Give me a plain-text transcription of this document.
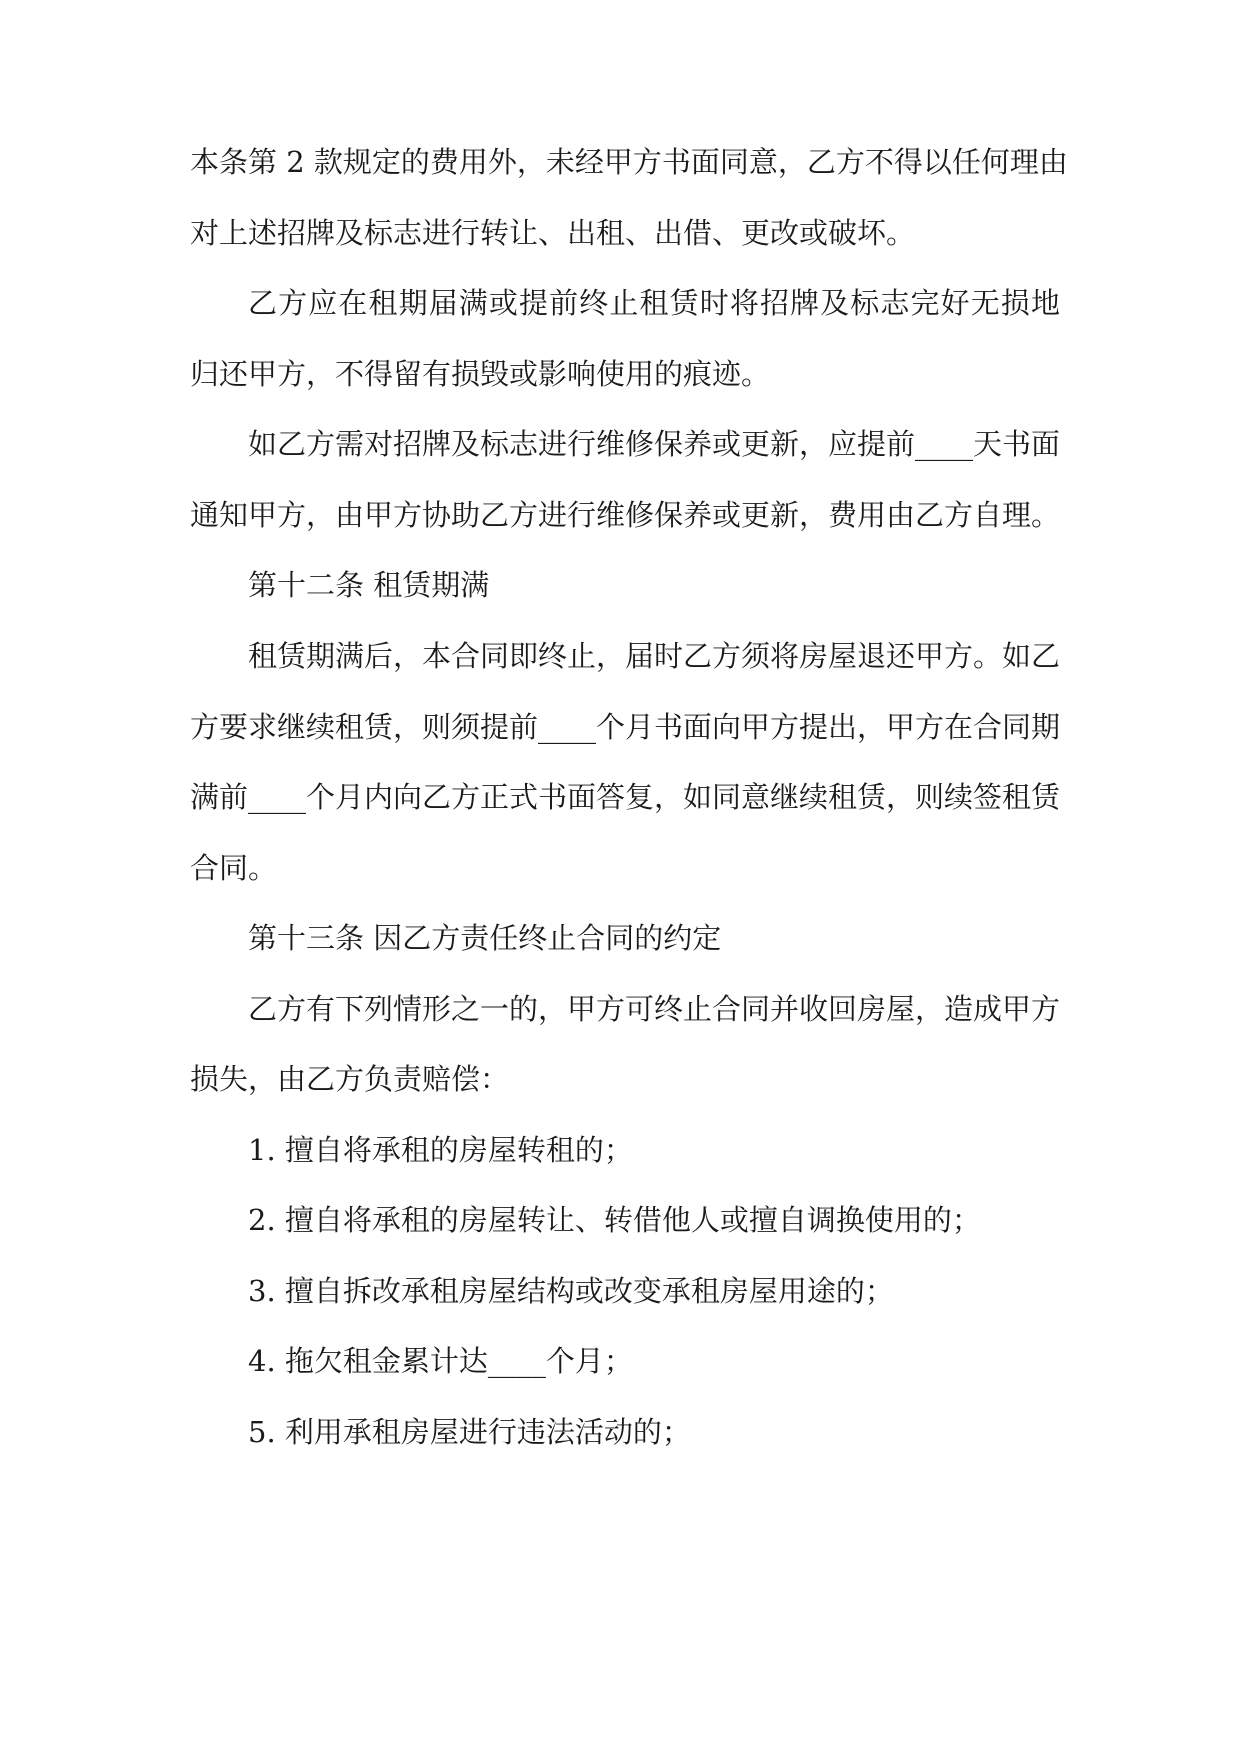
本条第 2 款规定的费用外，未经甲方书面同意，乙方不得以任何理由
对上述招牌及标志进行转让、出租、出借、更改或破坏。
乙方应在租期届满或提前终止租赁时将招牌及标志完好无损地
归还甲方，不得留有损毁或影响使用的痕迹。
如乙方需对招牌及标志进行维修保养或更新，应提前____天书面
通知甲方，由甲方协助乙方进行维修保养或更新，费用由乙方自理。
第十二条 租赁期满
租赁期满后，本合同即终止，届时乙方须将房屋退还甲方。如乙
方要求继续租赁，则须提前____个月书面向甲方提出，甲方在合同期
满前____个月内向乙方正式书面答复，如同意继续租赁，则续签租赁
合同。
第十三条 因乙方责任终止合同的约定
乙方有下列情形之一的，甲方可终止合同并收回房屋，造成甲方
损失，由乙方负责赔偿：
1. 擅自将承租的房屋转租的；
2. 擅自将承租的房屋转让、转借他人或擅自调换使用的；
3. 擅自拆改承租房屋结构或改变承租房屋用途的；
4. 拖欠租金累计达____个月；
5. 利用承租房屋进行违法活动的；
